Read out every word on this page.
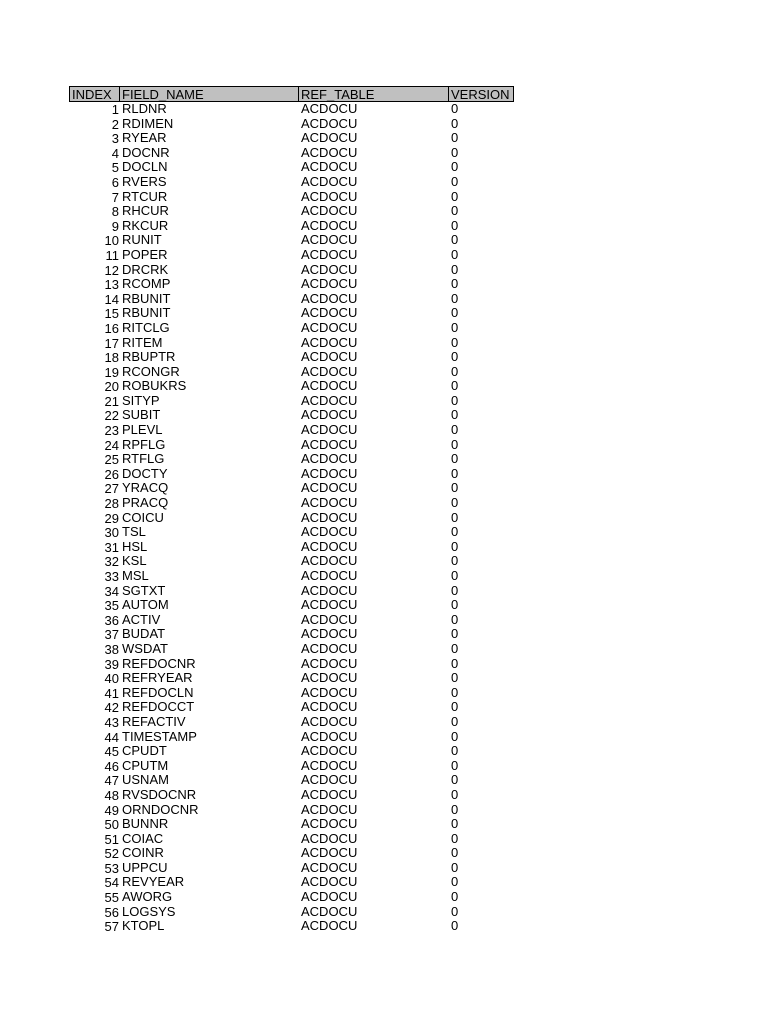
INDEX FIELD_NAME	REF_TABLE	VERSION
1 RLDNR	ACDOCU	0
2 RDIMEN	ACDOCU	0
3 RYEAR	ACDOCU	0
4 DOCNR	ACDOCU	0
5 DOCLN	ACDOCU	0
6 RVERS	ACDOCU	0
7 RTCUR	ACDOCU	0
8 RHCUR	ACDOCU	0
9 RKCUR	ACDOCU	0
10 RUNIT	ACDOCU	0
11 POPER	ACDOCU	0
12 DRCRK	ACDOCU	0
13 RCOMP	ACDOCU	0
14 RBUNIT	ACDOCU	0
15 RBUNIT	ACDOCU	0
16 RITCLG	ACDOCU	0
17 RITEM	ACDOCU	0
18 RBUPTR	ACDOCU	0
19 RCONGR	ACDOCU	0
20 ROBUKRS	ACDOCU	0
21 SITYP	ACDOCU	0
22 SUBIT	ACDOCU	0
23 PLEVL	ACDOCU	0
24 RPFLG	ACDOCU	0
25 RTFLG	ACDOCU	0
26 DOCTY	ACDOCU	0
27 YRACQ	ACDOCU	0
28 PRACQ	ACDOCU	0
29 COICU	ACDOCU	0
30 TSL	ACDOCU	0
31 HSL	ACDOCU	0
32 KSL	ACDOCU	0
33 MSL	ACDOCU	0
34 SGTXT	ACDOCU	0
35 AUTOM	ACDOCU	0
36 ACTIV	ACDOCU	0
37 BUDAT	ACDOCU	0
38 WSDAT	ACDOCU	0
39 REFDOCNR	ACDOCU	0
40 REFRYEAR	ACDOCU	0
41 REFDOCLN	ACDOCU	0
42 REFDOCCT	ACDOCU	0
43 REFACTIV	ACDOCU	0
44 TIMESTAMP	ACDOCU	0
45 CPUDT	ACDOCU	0
46 CPUTM	ACDOCU	0
47 USNAM	ACDOCU	0
48 RVSDOCNR	ACDOCU	0
49 ORNDOCNR	ACDOCU	0
50 BUNNR	ACDOCU	0
51 COIAC	ACDOCU	0
52 COINR	ACDOCU	0
53 UPPCU	ACDOCU	0
54 REVYEAR	ACDOCU	0
55 AWORG	ACDOCU	0
56 LOGSYS	ACDOCU	0
57 KTOPL	ACDOCU	0
